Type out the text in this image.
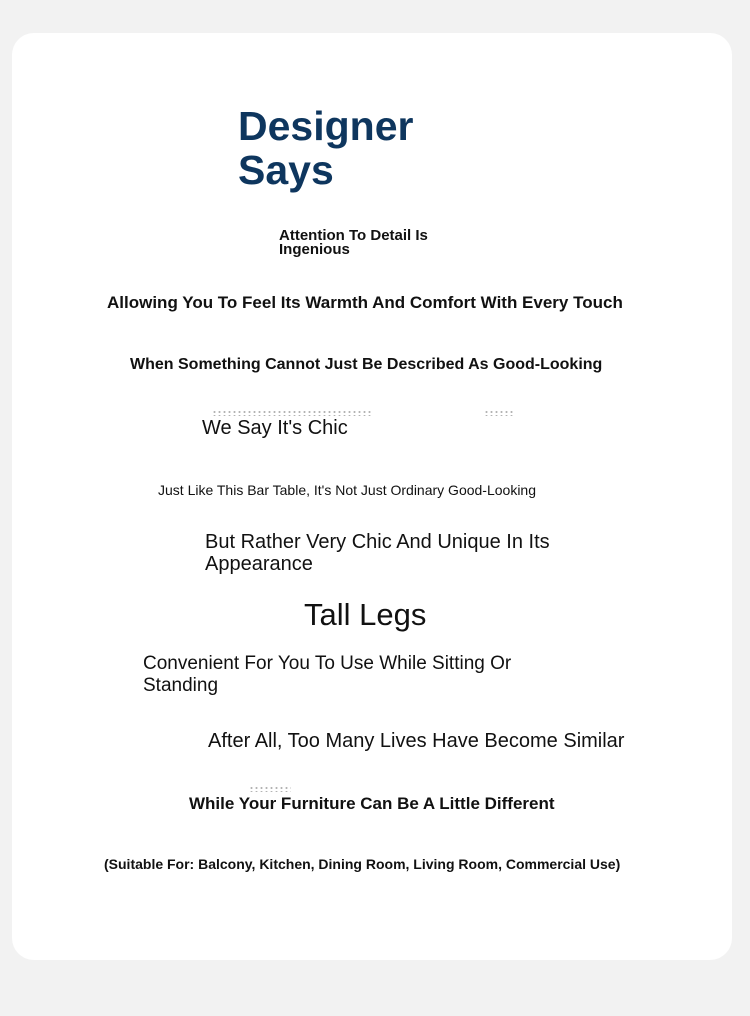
Designer Says

Attention To Detail Is Ingenious

Allowing You To Feel Its Warmth And Comfort With Every Touch

When Something Cannot Just Be Described As Good-Looking

We Say It's Chic

Just Like This Bar Table, It's Not Just Ordinary Good-Looking

But Rather Very Chic And Unique In Its Appearance

Tall Legs

Convenient For You To Use While Sitting Or Standing

After All, Too Many Lives Have Become Similar

While Your Furniture Can Be A Little Different

(Suitable For: Balcony, Kitchen, Dining Room, Living Room, Commercial Use)
